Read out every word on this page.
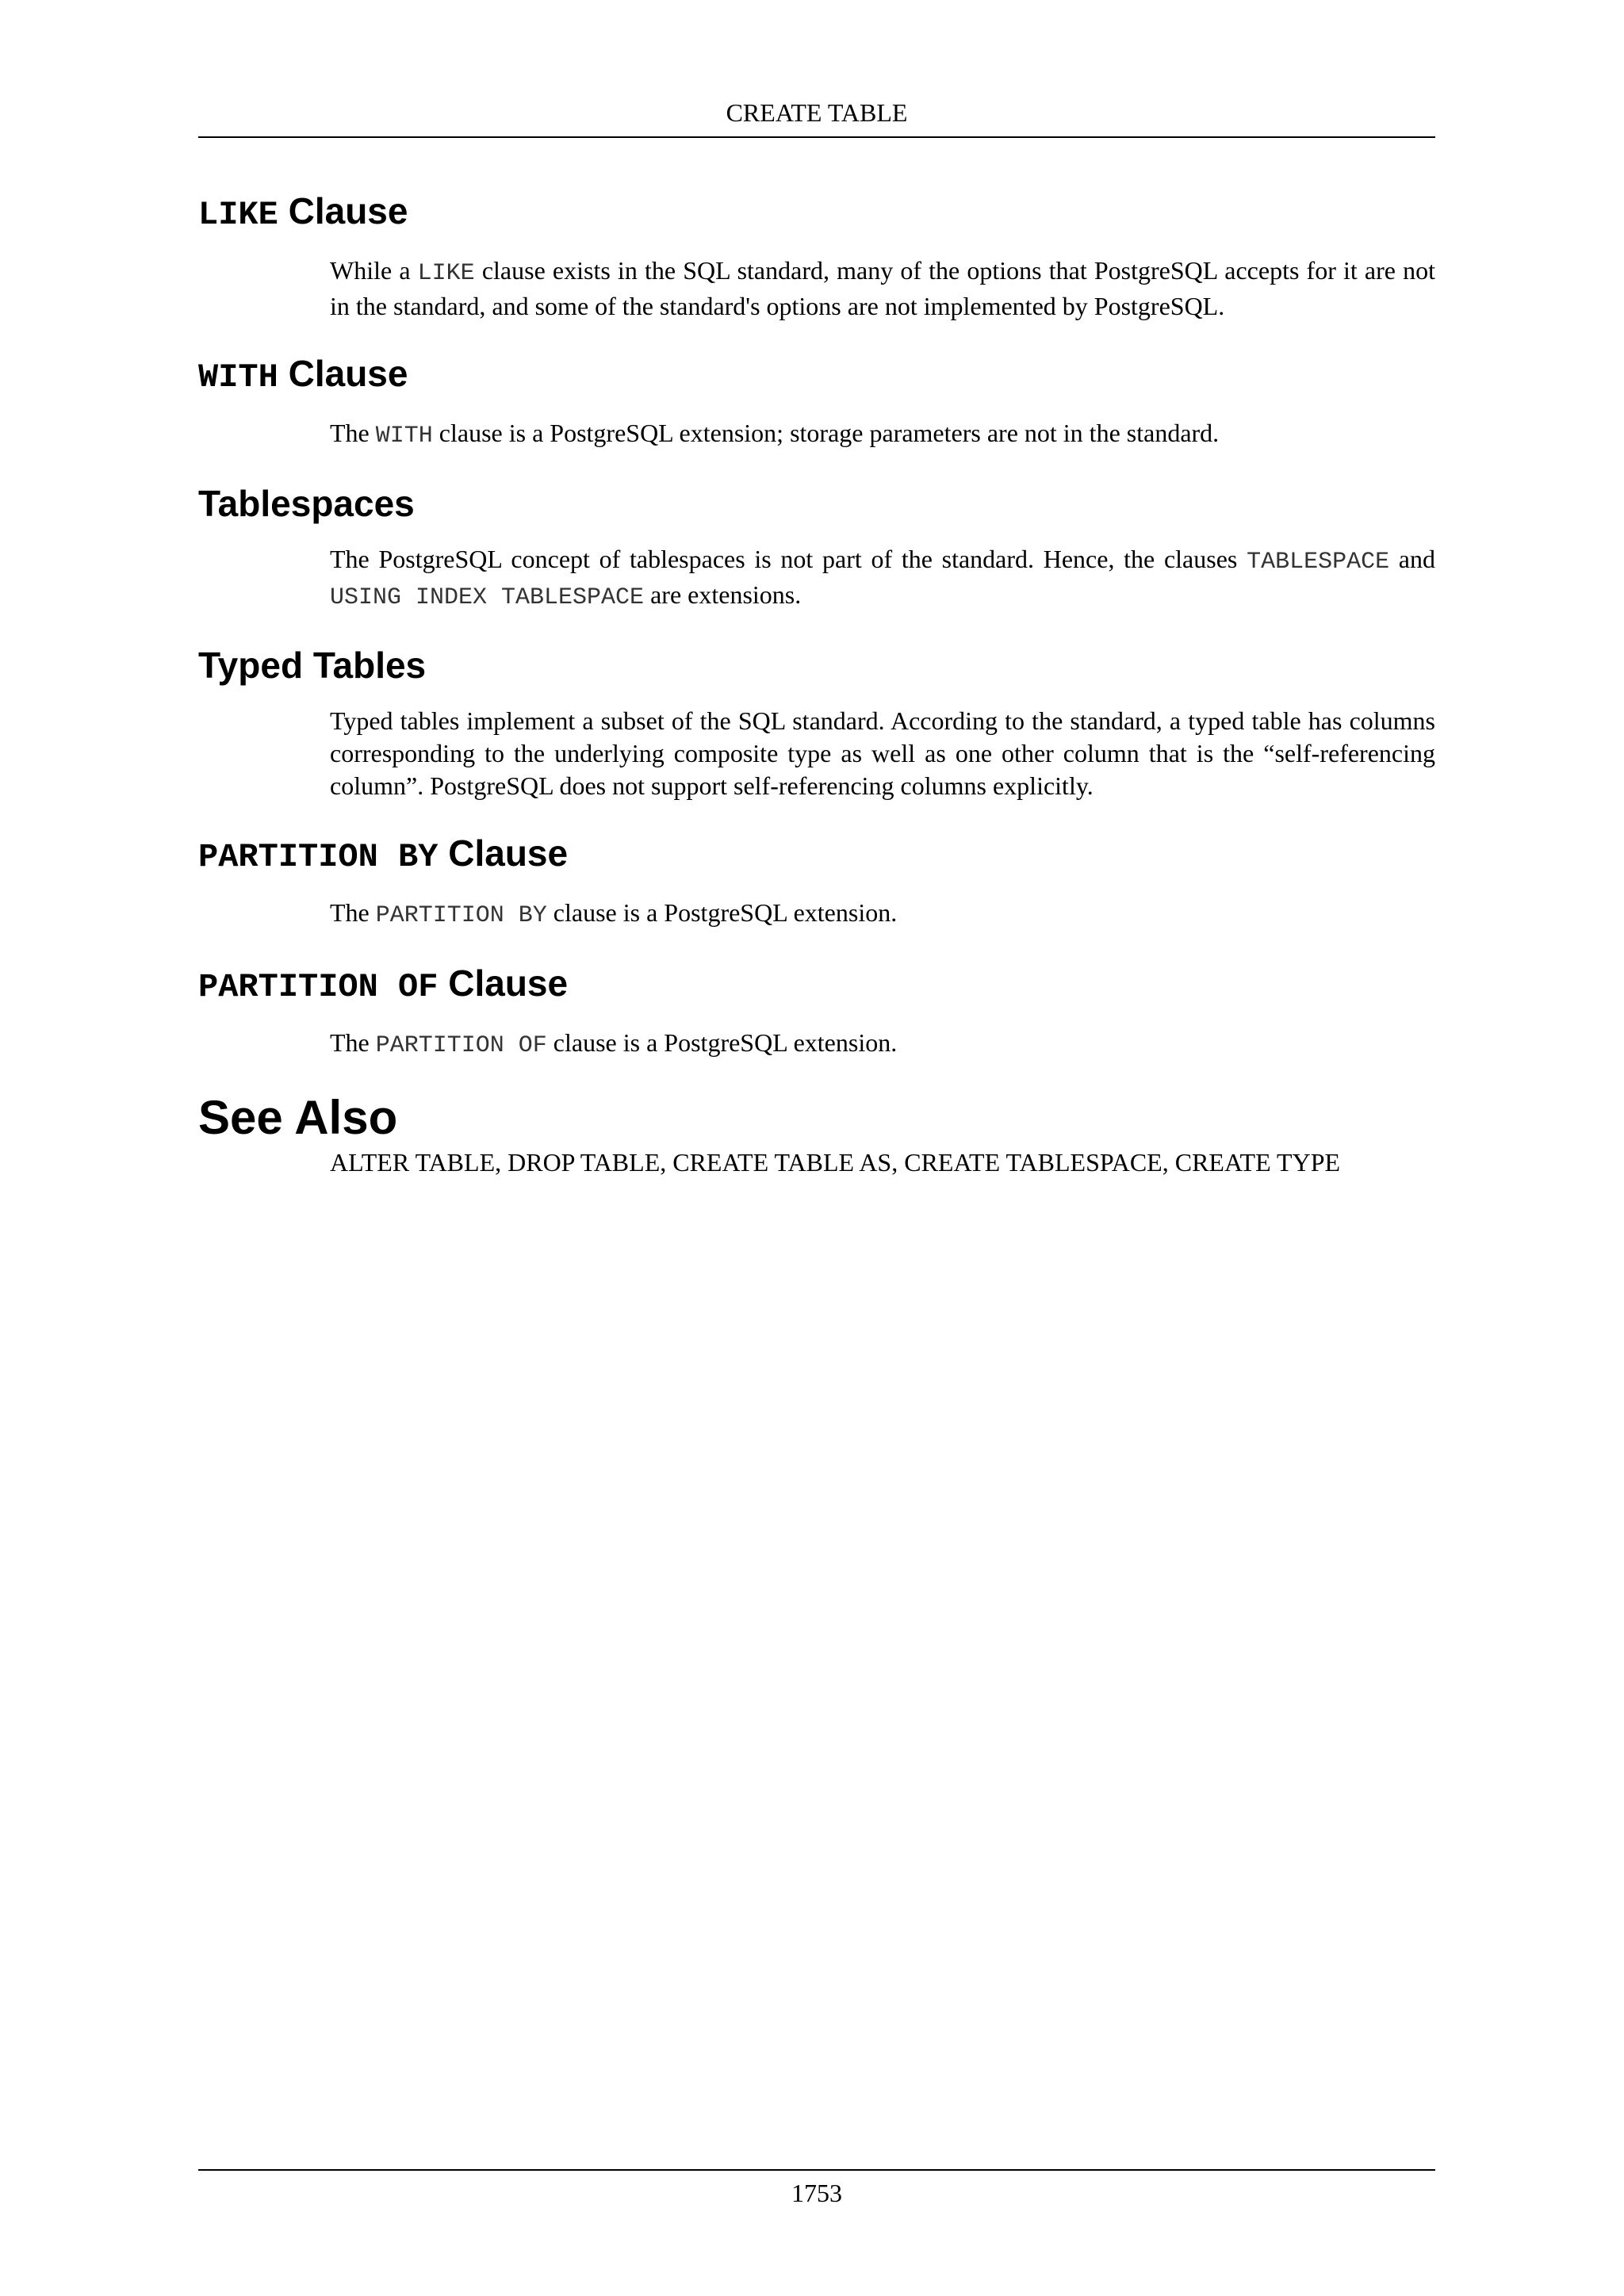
CREATE TABLE
LIKE Clause

While a LIKE clause exists in the SQL standard, many of the options that PostgreSQL accepts for it are not in the standard, and some of the standard's options are not implemented by PostgreSQL.

WITH Clause

The WITH clause is a PostgreSQL extension; storage parameters are not in the standard.

Tablespaces

The PostgreSQL concept of tablespaces is not part of the standard. Hence, the clauses TABLESPACE and USING INDEX TABLESPACE are extensions.

Typed Tables

Typed tables implement a subset of the SQL standard. According to the standard, a typed table has columns corresponding to the underlying composite type as well as one other column that is the “self-referencing column”. PostgreSQL does not support self-referencing columns explicitly.

PARTITION BY Clause

The PARTITION BY clause is a PostgreSQL extension.

PARTITION OF Clause

The PARTITION OF clause is a PostgreSQL extension.

See Also

ALTER TABLE, DROP TABLE, CREATE TABLE AS, CREATE TABLESPACE, CREATE TYPE

1753
